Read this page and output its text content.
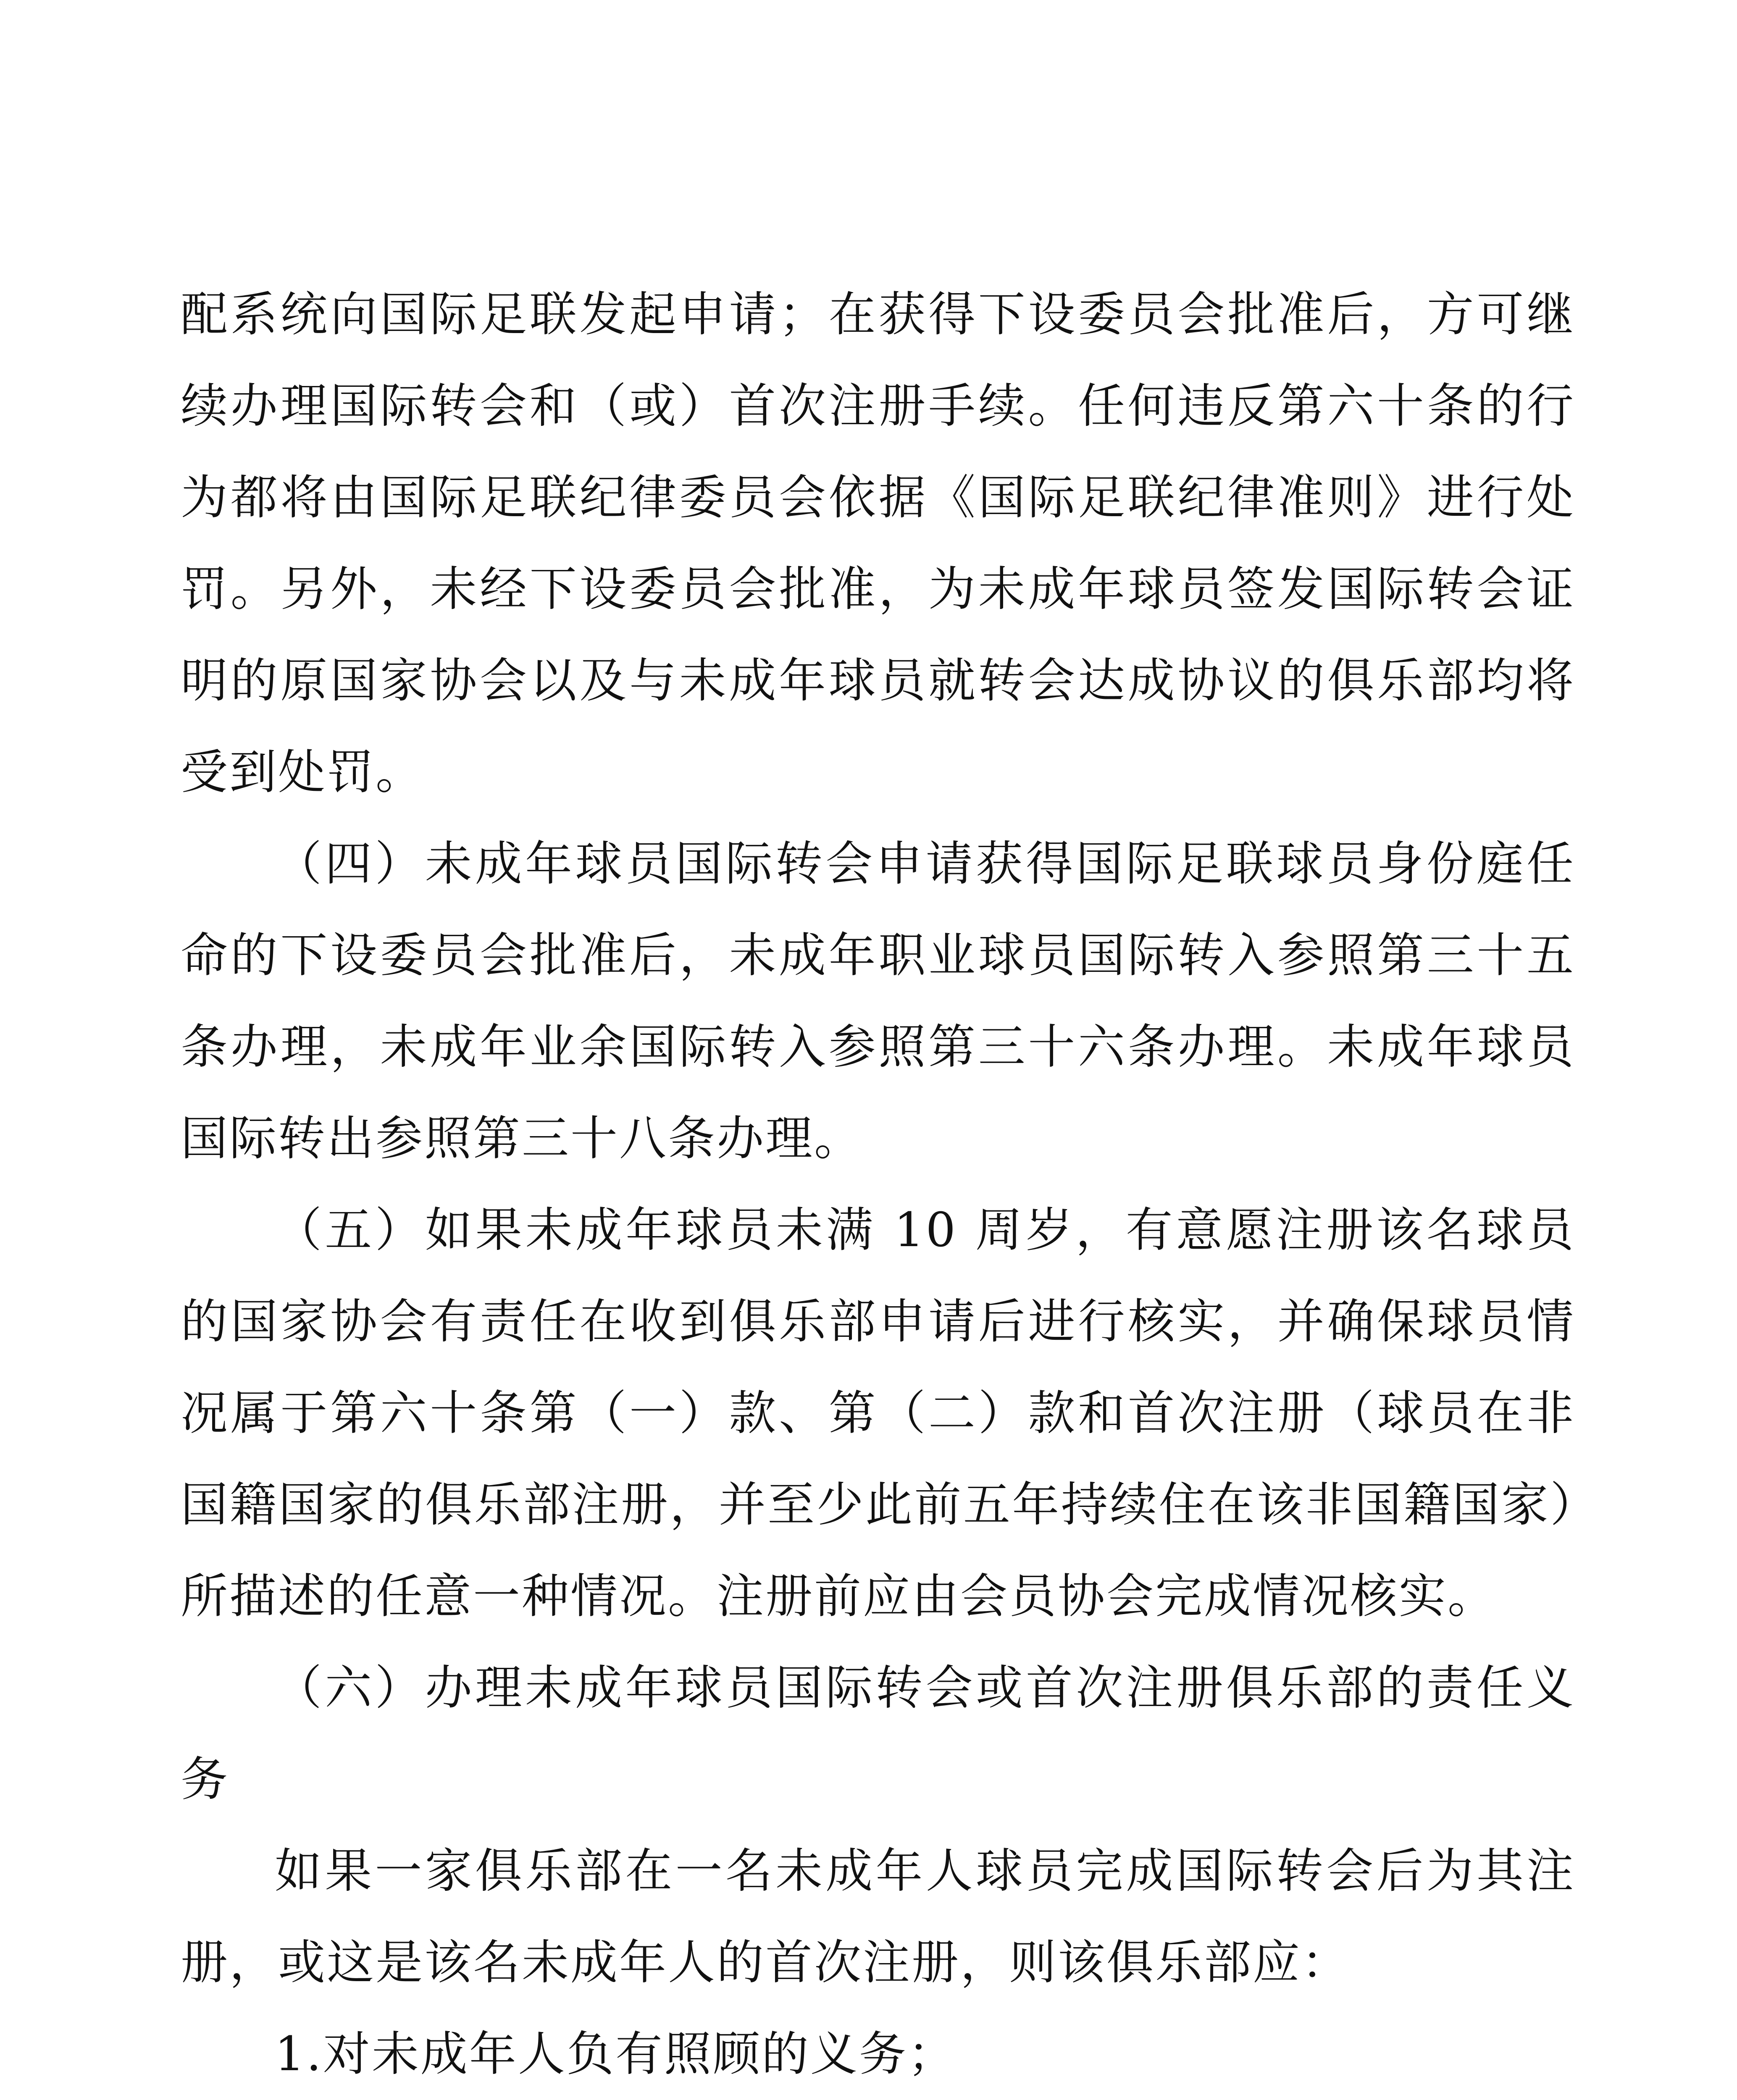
配系统向国际足联发起申请；在获得下设委员会批准后，方可继续办理国际转会和（或）首次注册手续。任何违反第六十条的行为都将由国际足联纪律委员会依据《国际足联纪律准则》进行处罚。另外，未经下设委员会批准，为未成年球员签发国际转会证明的原国家协会以及与未成年球员就转会达成协议的俱乐部均将受到处罚。

（四）未成年球员国际转会申请获得国际足联球员身份庭任命的下设委员会批准后，未成年职业球员国际转入参照第三十五条办理，未成年业余国际转入参照第三十六条办理。未成年球员国际转出参照第三十八条办理。

（五）如果未成年球员未满 10 周岁，有意愿注册该名球员的国家协会有责任在收到俱乐部申请后进行核实，并确保球员情况属于第六十条第（一）款、第（二）款和首次注册（球员在非国籍国家的俱乐部注册，并至少此前五年持续住在该非国籍国家）所描述的任意一种情况。注册前应由会员协会完成情况核实。

（六）办理未成年球员国际转会或首次注册俱乐部的责任义务

如果一家俱乐部在一名未成年人球员完成国际转会后为其注册，或这是该名未成年人的首次注册，则该俱乐部应：

1.对未成年人负有照顾的义务；
